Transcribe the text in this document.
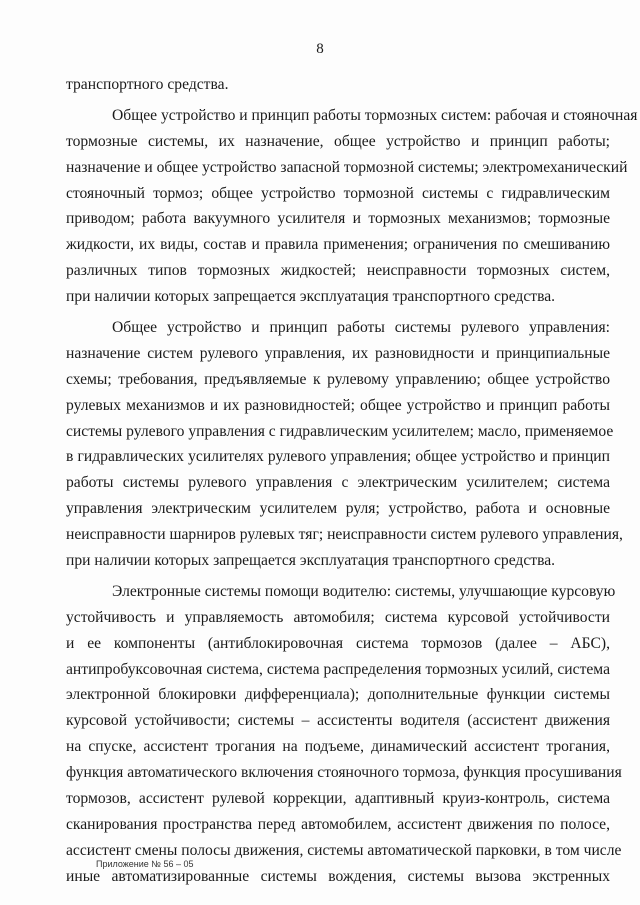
8
транспортного средства.
Общее устройство и принцип работы тормозных систем: рабочая и стояночная
тормозные системы, их назначение, общее устройство и принцип работы;
назначение и общее устройство запасной тормозной системы; электромеханический
стояночный тормоз; общее устройство тормозной системы с гидравлическим
приводом; работа вакуумного усилителя и тормозных механизмов; тормозные
жидкости, их виды, состав и правила применения; ограничения по смешиванию
различных типов тормозных жидкостей; неисправности тормозных систем,
при наличии которых запрещается эксплуатация транспортного средства.
Общее устройство и принцип работы системы рулевого управления:
назначение систем рулевого управления, их разновидности и принципиальные
схемы; требования, предъявляемые к рулевому управлению; общее устройство
рулевых механизмов и их разновидностей; общее устройство и принцип работы
системы рулевого управления с гидравлическим усилителем; масло, применяемое
в гидравлических усилителях рулевого управления; общее устройство и принцип
работы системы рулевого управления с электрическим усилителем; система
управления электрическим усилителем руля; устройство, работа и основные
неисправности шарниров рулевых тяг; неисправности систем рулевого управления,
при наличии которых запрещается эксплуатация транспортного средства.
Электронные системы помощи водителю: системы, улучшающие курсовую
устойчивость и управляемость автомобиля; система курсовой устойчивости
и ее компоненты (антиблокировочная система тормозов (далее – АБС),
антипробуксовочная система, система распределения тормозных усилий, система
электронной блокировки дифференциала); дополнительные функции системы
курсовой устойчивости; системы – ассистенты водителя (ассистент движения
на спуске, ассистент трогания на подъеме, динамический ассистент трогания,
функция автоматического включения стояночного тормоза, функция просушивания
тормозов, ассистент рулевой коррекции, адаптивный круиз-контроль, система
сканирования пространства перед автомобилем, ассистент движения по полосе,
ассистент смены полосы движения, системы автоматической парковки, в том числе
иные автоматизированные системы вождения, системы вызова экстренных
Приложение № 56 – 05
